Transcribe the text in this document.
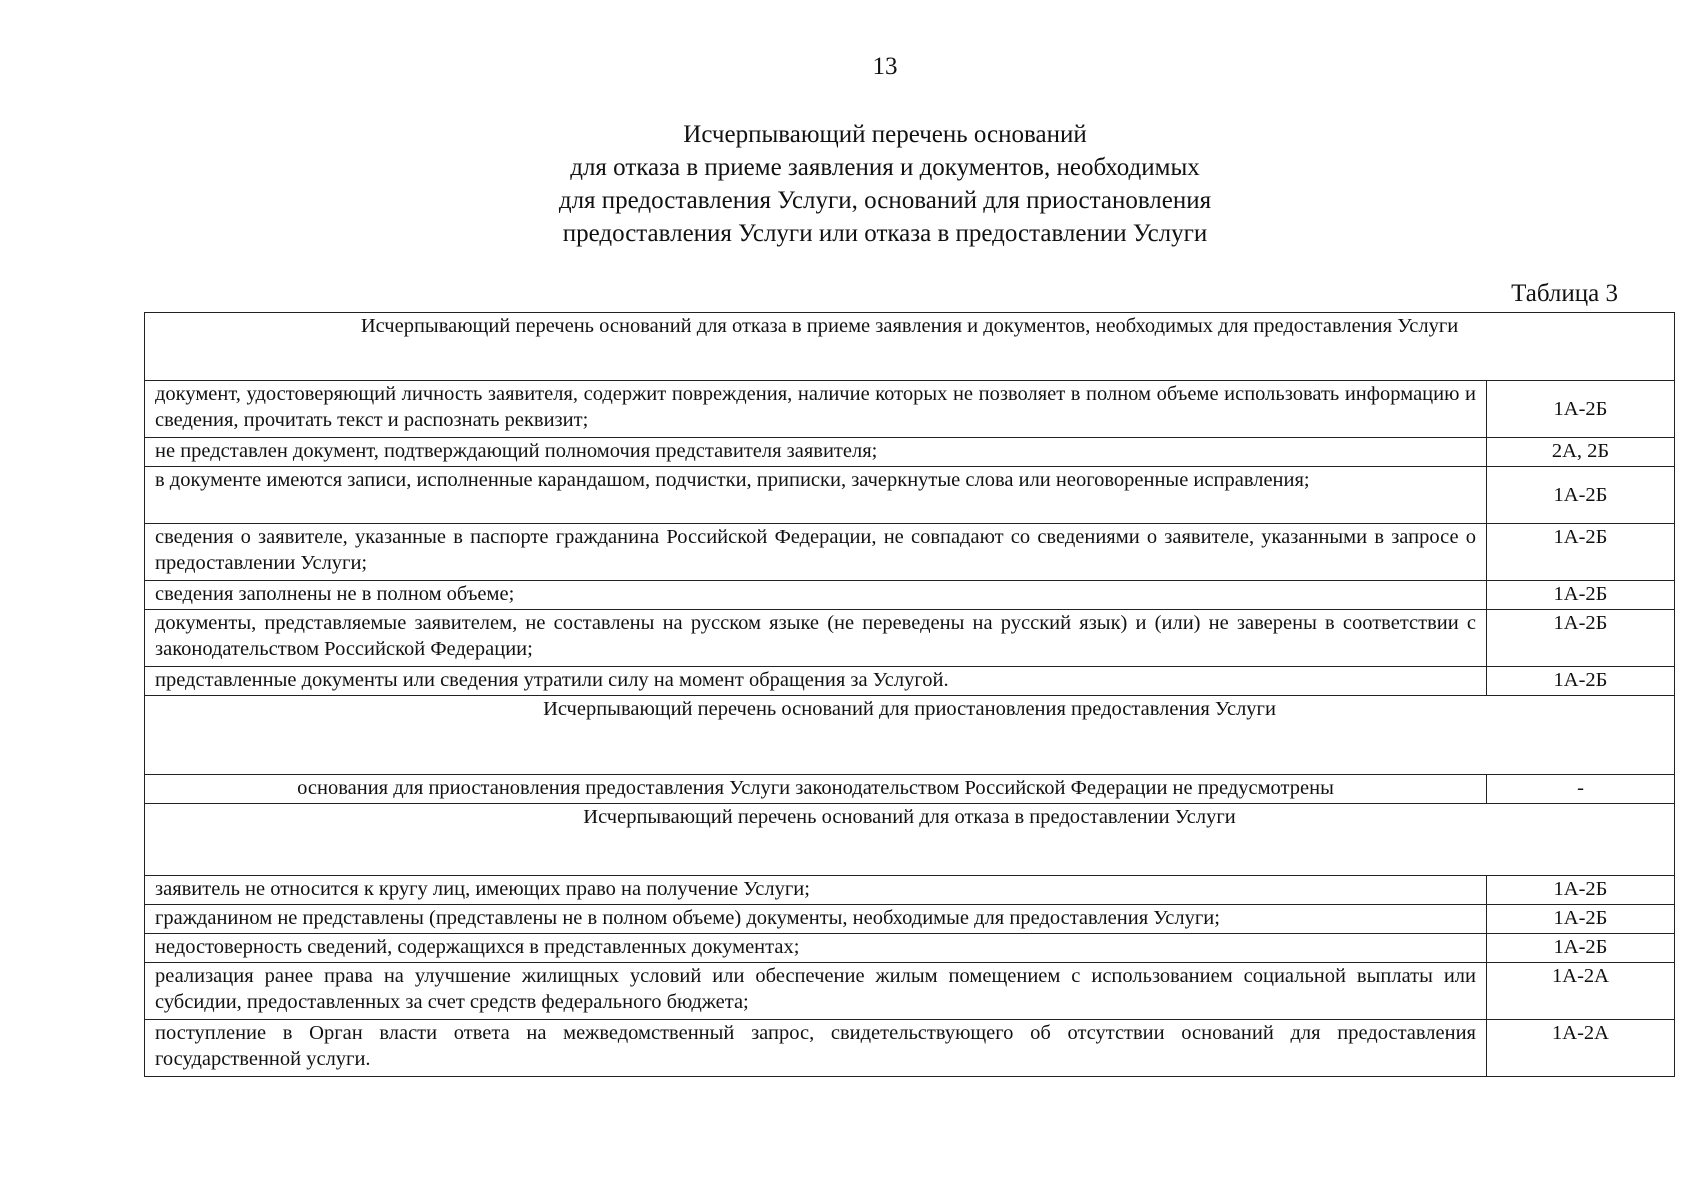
13
Исчерпывающий перечень оснований
для отказа в приеме заявления и документов, необходимых
для предоставления Услуги, оснований для приостановления
предоставления Услуги или отказа в предоставлении Услуги
Таблица 3
Исчерпывающий перечень оснований для отказа в приеме заявления и документов, необходимых для предоставления Услуги	
документ, удостоверяющий личность заявителя, содержит повреждения, наличие которых не позволяет в полном объеме использовать информацию и сведения, прочитать текст и распознать реквизит;	1А-2Б
не представлен документ, подтверждающий полномочия представителя заявителя;	2А, 2Б
в документе имеются записи, исполненные карандашом, подчистки, приписки, зачеркнутые слова или неоговоренные исправления;	1А-2Б
сведения о заявителе, указанные в паспорте гражданина Российской Федерации, не совпадают со сведениями о заявителе, указанными в запросе о предоставлении Услуги;	1А-2Б
сведения заполнены не в полном объеме;	1А-2Б
документы, представляемые заявителем, не составлены на русском языке (не переведены на русский язык) и (или) не заверены в соответствии с законодательством Российской Федерации;	1А-2Б
представленные документы или сведения утратили силу на момент обращения за Услугой.	1А-2Б
Исчерпывающий перечень оснований для приостановления предоставления Услуги	
основания для приостановления предоставления Услуги законодательством Российской Федерации не предусмотрены	-
Исчерпывающий перечень оснований для отказа в предоставлении Услуги	
заявитель не относится к кругу лиц, имеющих право на получение Услуги;	1А-2Б
гражданином не представлены (представлены не в полном объеме) документы, необходимые для предоставления Услуги;	1А-2Б
недостоверность сведений, содержащихся в представленных документах;	1А-2Б
реализация ранее права на улучшение жилищных условий или обеспечение жилым помещением с использованием социальной выплаты или субсидии, предоставленных за счет средств федерального бюджета;	1А-2А
поступление в Орган власти ответа на межведомственный запрос, свидетельствующего об отсутствии оснований для предоставления государственной услуги.	1А-2А
